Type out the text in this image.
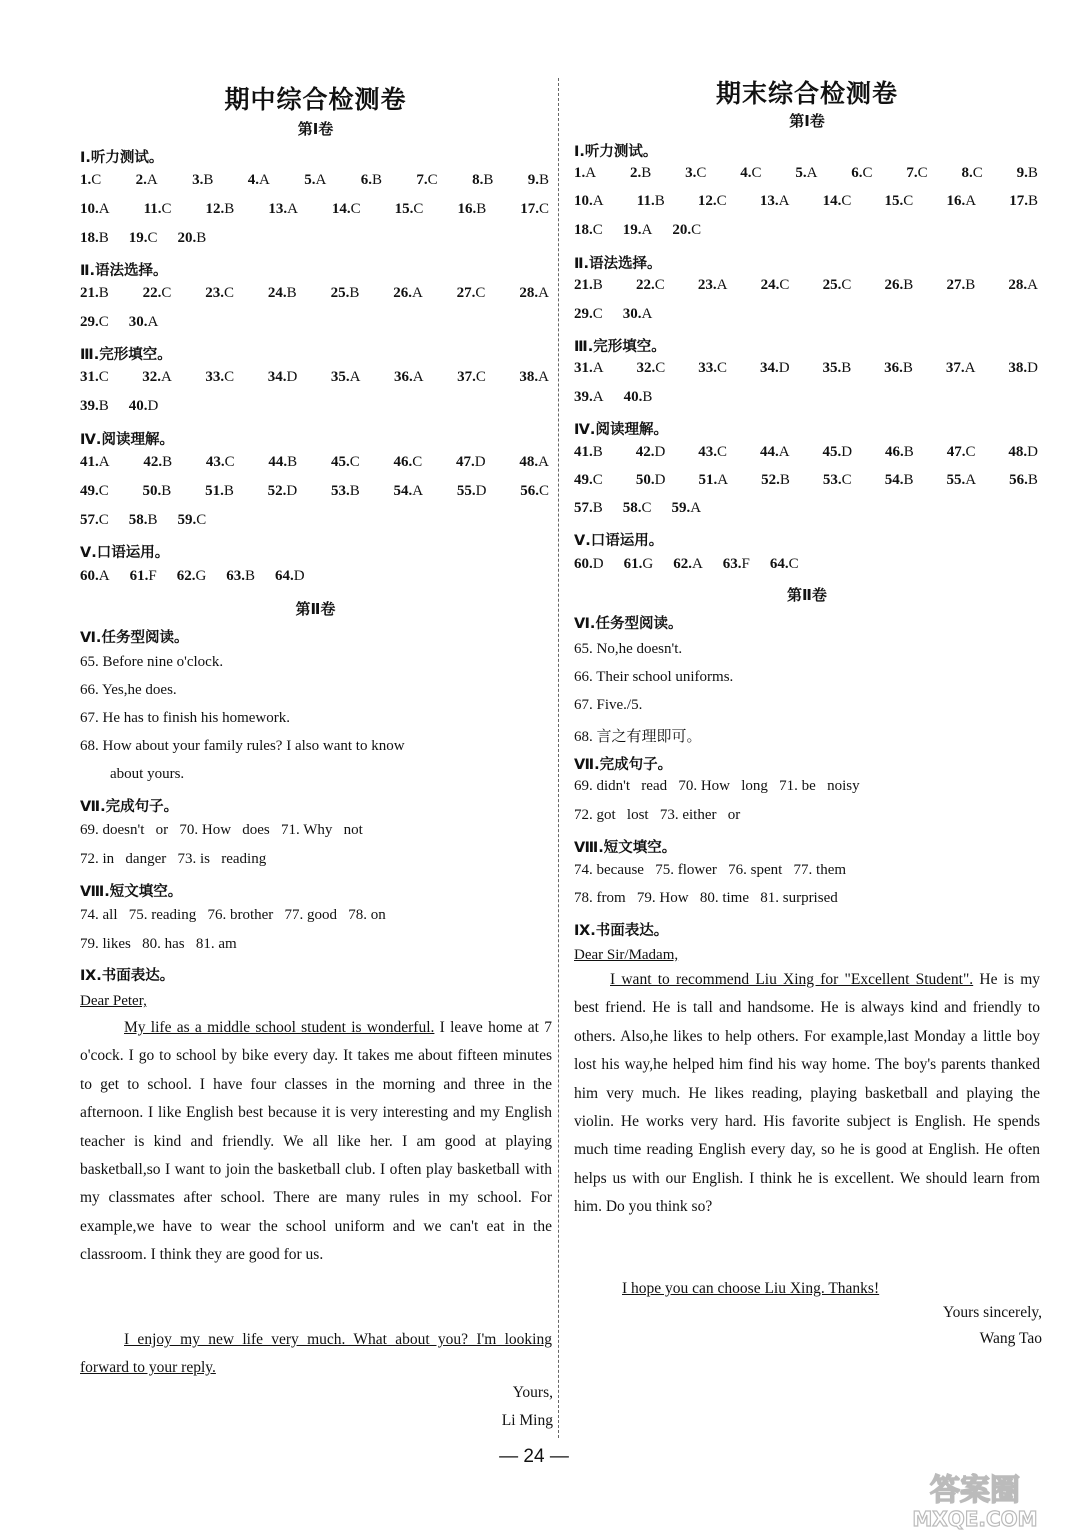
期中综合检测卷
第Ⅰ卷
Ⅰ.听力测试。
1.C 2.A 3.B 4.A 5.A 6.B 7.C 8.B 9.B
10.A 11.C 12.B 13.A 14.C 15.C 16.B 17.C
18.B 19.C 20.B
Ⅱ.语法选择。
21.B 22.C 23.C 24.B 25.B 26.A 27.C 28.A
29.C 30.A
Ⅲ.完形填空。
31.C 32.A 33.C 34.D 35.A 36.A 37.C 38.A
39.B 40.D
Ⅳ.阅读理解。
41.A 42.B 43.C 44.B 45.C 46.C 47.D 48.A
49.C 50.B 51.B 52.D 53.B 54.A 55.D 56.C
57.C 58.B 59.C
Ⅴ.口语运用。
60.A 61.F 62.G 63.B 64.D
第Ⅱ卷
Ⅵ.任务型阅读。
65. Before nine o'clock.
66. Yes,he does.
67. He has to finish his homework.
68. How about your family rules? I also want to know
about yours.
Ⅶ.完成句子。
69. doesn't   or   70. How   does   71. Why   not
72. in   danger   73. is   reading
Ⅷ.短文填空。
74. all   75. reading   76. brother   77. good   78. on
79. likes   80. has   81. am
Ⅸ.书面表达。
Dear Peter,
My life as a middle school student is wonderful. I leave home at 7 o'cock. I go to school by bike every day. It takes me about fifteen minutes to get to school. I have four classes in the morning and three in the afternoon. I like English best because it is very interesting and my English teacher is kind and friendly. We all like her. I am good at playing basketball,so I want to join the basketball club. I often play basketball with my classmates after school. There are many rules in my school. For example,we have to wear the school uniform and we can't eat in the classroom. I think they are good for us.
I enjoy my new life very much. What about you? I'm looking forward to your reply.
Yours,
Li Ming
期末综合检测卷
第Ⅰ卷
Ⅰ.听力测试。
1.A 2.B 3.C 4.C 5.A 6.C 7.C 8.C 9.B
10.A 11.B 12.C 13.A 14.C 15.C 16.A 17.B
18.C 19.A 20.C
Ⅱ.语法选择。
21.B 22.C 23.A 24.C 25.C 26.B 27.B 28.A
29.C 30.A
Ⅲ.完形填空。
31.A 32.C 33.C 34.D 35.B 36.B 37.A 38.D
39.A 40.B
Ⅳ.阅读理解。
41.B 42.D 43.C 44.A 45.D 46.B 47.C 48.D
49.C 50.D 51.A 52.B 53.C 54.B 55.A 56.B
57.B 58.C 59.A
Ⅴ.口语运用。
60.D 61.G 62.A 63.F 64.C
第Ⅱ卷
Ⅵ.任务型阅读。
65. No,he doesn't.
66. Their school uniforms.
67. Five./5.
68. 言之有理即可。
Ⅶ.完成句子。
69. didn't   read   70. How   long   71. be   noisy
72. got   lost   73. either   or
Ⅷ.短文填空。
74. because   75. flower   76. spent   77. them
78. from   79. How   80. time   81. surprised
Ⅸ.书面表达。
Dear Sir/Madam,
I want to recommend Liu Xing for "Excellent Student". He is my best friend. He is tall and handsome. He is always kind and friendly to others. Also,he likes to help others. For example,last Monday a little boy lost his way,he helped him find his way home. The boy's parents thanked him very much. He likes reading, playing basketball and playing the violin. He works very hard. His favorite subject is English. He spends much time reading English every day, so he is good at English. He often helps us with our English. I think he is excellent. We should learn from him. Do you think so?
I hope you can choose Liu Xing. Thanks!
Yours sincerely,
Wang Tao
— 24 —
答案圈
MXQE.COM
